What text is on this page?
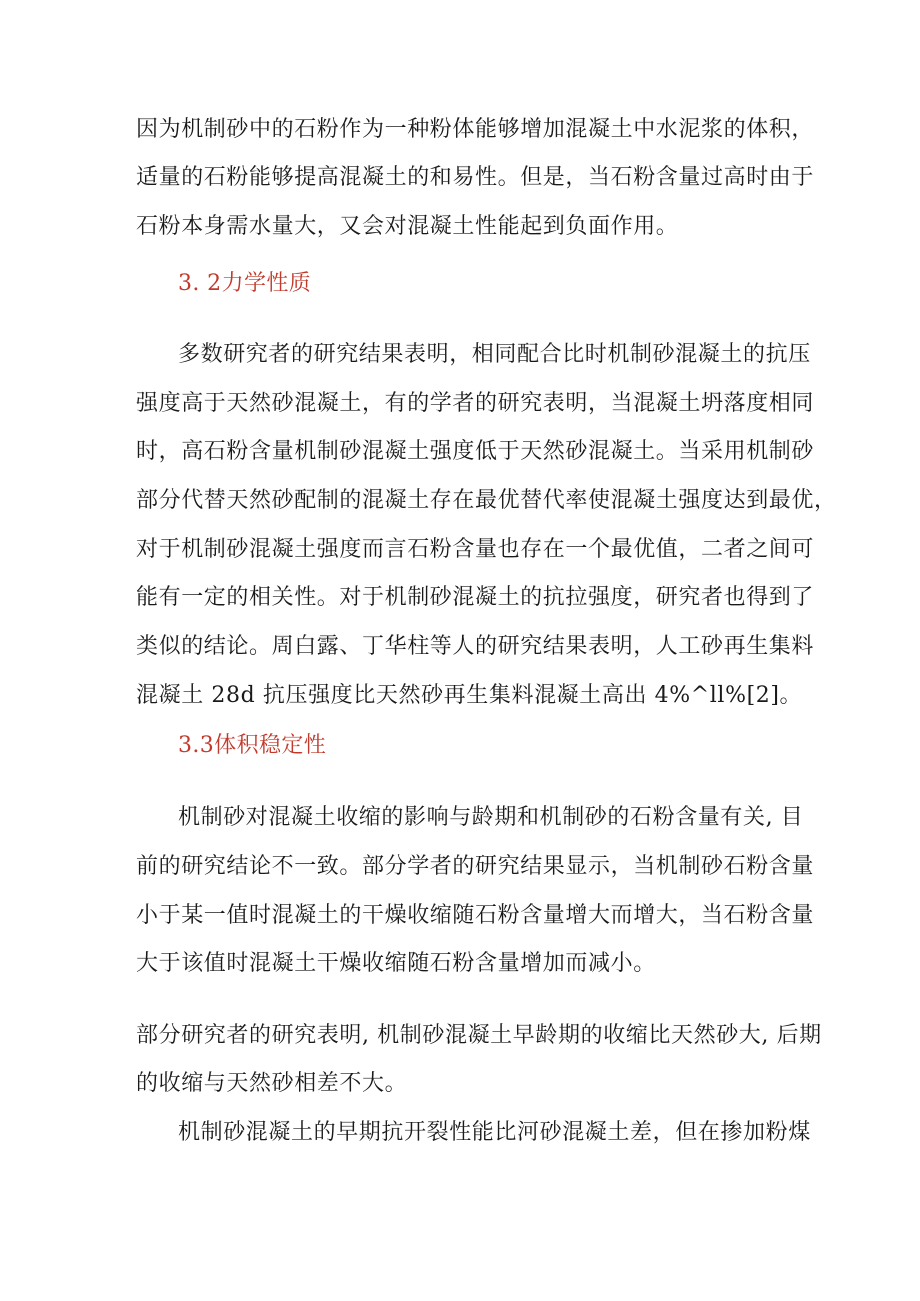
因为机制砂中的石粉作为一种粉体能够增加混凝土中水泥浆的体积，
适量的石粉能够提高混凝土的和易性。但是，当石粉含量过高时由于
石粉本身需水量大，又会对混凝土性能起到负面作用。
3. 2力学性质
多数研究者的研究结果表明，相同配合比时机制砂混凝土的抗压
强度高于天然砂混凝土，有的学者的研究表明，当混凝土坍落度相同
时，高石粉含量机制砂混凝土强度低于天然砂混凝土。当采用机制砂
部分代替天然砂配制的混凝土存在最优替代率使混凝土强度达到最优，
对于机制砂混凝土强度而言石粉含量也存在一个最优值，二者之间可
能有一定的相关性。对于机制砂混凝土的抗拉强度，研究者也得到了
类似的结论。周白露、丁华柱等人的研究结果表明，人工砂再生集料
混凝土 28d 抗压强度比天然砂再生集料混凝土高出 4%^ll%[2]。
3.3体积稳定性
机制砂对混凝土收缩的影响与龄期和机制砂的石粉含量有关, 目
前的研究结论不一致。部分学者的研究结果显示，当机制砂石粉含量
小于某一值时混凝土的干燥收缩随石粉含量增大而增大，当石粉含量
大于该值时混凝土干燥收缩随石粉含量增加而减小。
部分研究者的研究表明, 机制砂混凝土早龄期的收缩比天然砂大, 后期
的收缩与天然砂相差不大。
机制砂混凝土的早期抗开裂性能比河砂混凝土差，但在掺加粉煤
